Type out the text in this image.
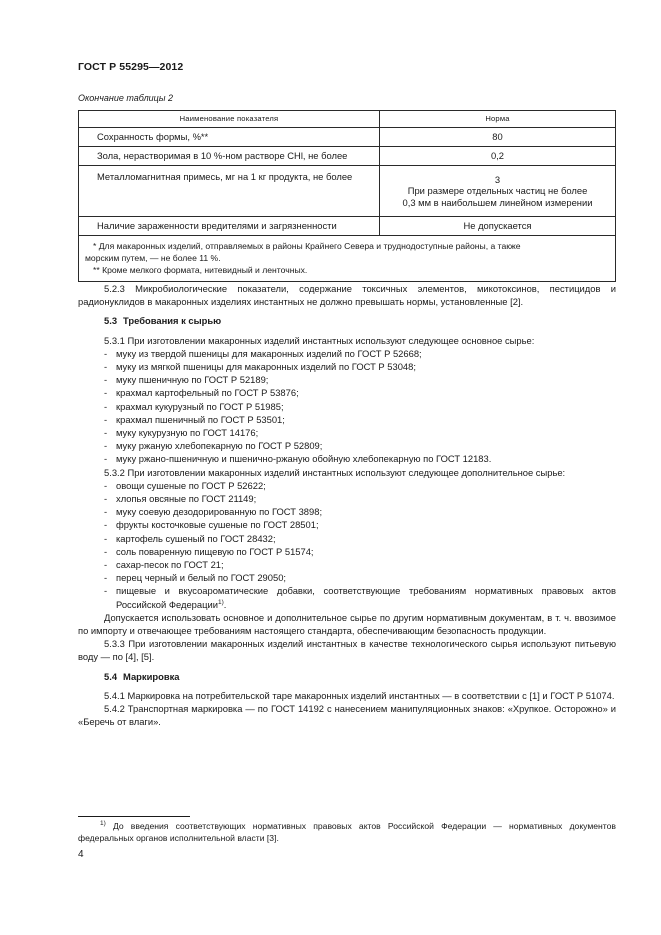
ГОСТ Р 55295—2012
Окончание таблицы 2
Наименование показателя	Норма
Сохранность формы, %**	80

Зола, нерастворимая в 10 %-ном растворе СНl, не более	0,2

Металломагнитная примесь, мг на 1 кг продукта, не более	3
При размере отдельных частиц не более
0,3 мм в наибольшем линейном измерении

Наличие зараженности вредителями и загрязненности	Не допускается

* Для макаронных изделий, отправляемых в районы Крайнего Севера и труднодоступные районы, а также
морским путем, — не более 11 %.
** Кроме мелкого формата, нитевидный и ленточных.	

5.2.3 Микробиологические показатели, содержание токсичных элементов, микотоксинов, пестицидов и радионуклидов в макаронных изделиях инстантных не должно превышать нормы, установленные [2].

5.3 Требования к сырью

5.3.1 При изготовлении макаронных изделий инстантных используют следующее основное сырье:

- муку из твердой пшеницы для макаронных изделий по ГОСТ Р 52668;
- муку из мягкой пшеницы для макаронных изделий по ГОСТ Р 53048;
- муку пшеничную по ГОСТ Р 52189;
- крахмал картофельный по ГОСТ Р 53876;
- крахмал кукурузный по ГОСТ Р 51985;
- крахмал пшеничный по ГОСТ Р 53501;
- муку кукурузную по ГОСТ 14176;
- муку ржаную хлебопекарную по ГОСТ Р 52809;
- муку ржано-пшеничную и пшенично-ржаную обойную хлебопекарную по ГОСТ 12183.

5.3.2 При изготовлении макаронных изделий инстантных используют следующее дополнительное сырье:

- овощи сушеные по ГОСТ Р 52622;
- хлопья овсяные по ГОСТ 21149;
- муку соевую дезодорированную по ГОСТ 3898;
- фрукты косточковые сушеные по ГОСТ 28501;
- картофель сушеный по ГОСТ 28432;
- соль поваренную пищевую по ГОСТ Р 51574;
- сахар-песок по ГОСТ 21;
- перец черный и белый по ГОСТ 29050;
- пищевые и вкусоароматические добавки, соответствующие требованиям нормативных правовых актов Российской Федерации$^{1)}$.

Допускается использовать основное и дополнительное сырье по другим нормативным документам, в т. ч. ввозимое по импорту и отвечающее требованиям настоящего стандарта, обеспечивающим безопасность продукции.

5.3.3 При изготовлении макаронных изделий инстантных в качестве технологического сырья используют питьевую воду — по [4], [5].

5.4 Маркировка

5.4.1 Маркировка на потребительской таре макаронных изделий инстантных — в соответствии с [1] и ГОСТ Р 51074.

5.4.2 Транспортная маркировка — по ГОСТ 14192 с нанесением манипуляционных знаков: «Хрупкое. Осторожно» и «Беречь от влаги».

$^{1)}$ До введения соответствующих нормативных правовых актов Российской Федерации — нормативных документов федеральных органов исполнительной власти [3].

4
